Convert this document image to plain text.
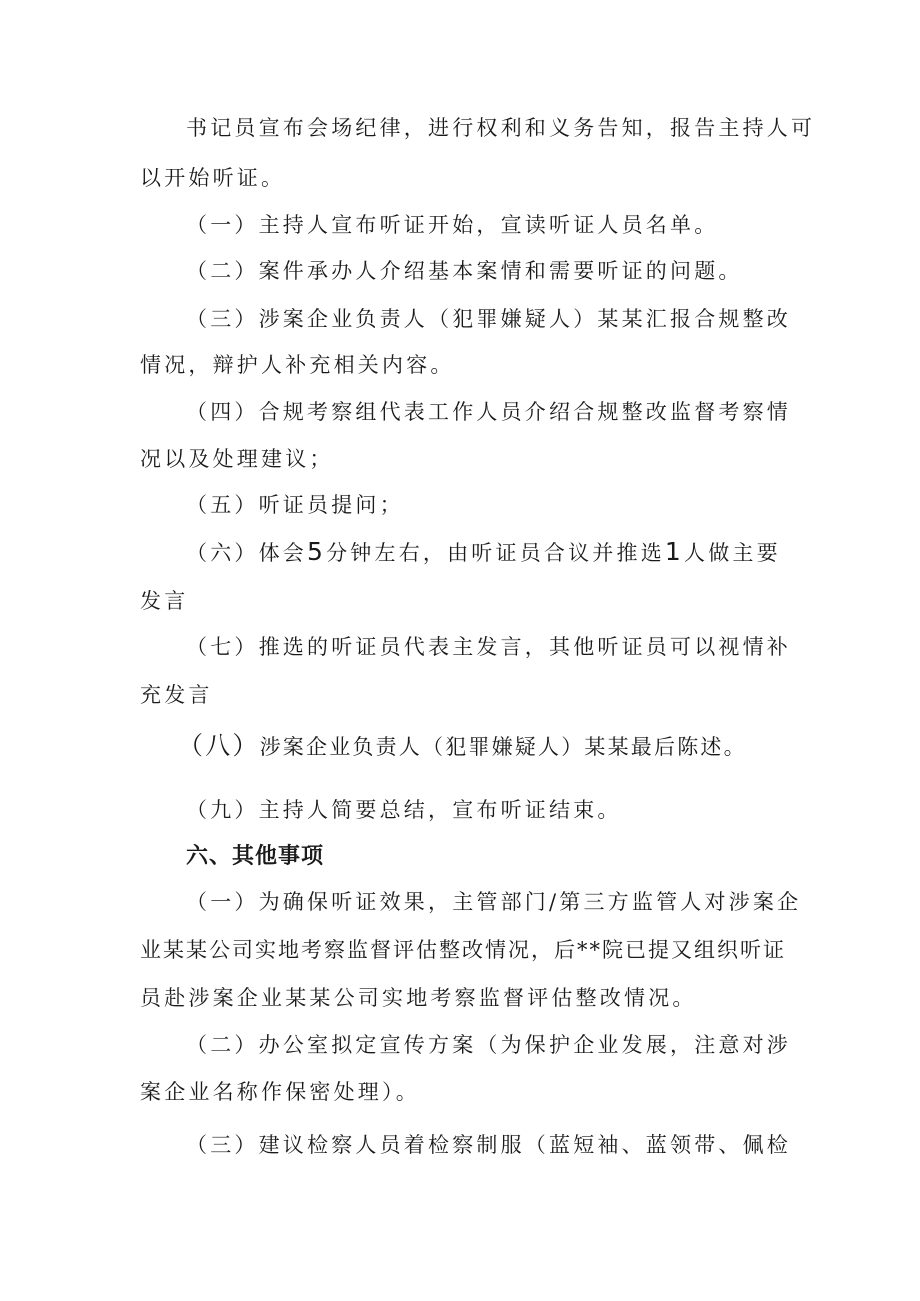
书记员宣布会场纪律，进行权利和义务告知，报告主持人可
以开始听证。
（一）主持人宣布听证开始，宣读听证人员名单。
（二）案件承办人介绍基本案情和需要听证的问题。
（三）涉案企业负责人（犯罪嫌疑人）某某汇报合规整改
情况，辩护人补充相关内容。
（四）合规考察组代表工作人员介绍合规整改监督考察情
况以及处理建议；
（五）听证员提问；
（六）体会5分钟左右，由听证员合议并推选1人做主要
发言
（七）推选的听证员代表主发言，其他听证员可以视情补
充发言
（八）涉案企业负责人（犯罪嫌疑人）某某最后陈述。
（九）主持人简要总结，宣布听证结束。
六、其他事项
（一）为确保听证效果，主管部门/第三方监管人对涉案企
业某某公司实地考察监督评估整改情况，后**院已提又组织听证
员赴涉案企业某某公司实地考察监督评估整改情况。
（二）办公室拟定宣传方案（为保护企业发展，注意对涉
案企业名称作保密处理）。
（三）建议检察人员着检察制服（蓝短袖、蓝领带、佩检
